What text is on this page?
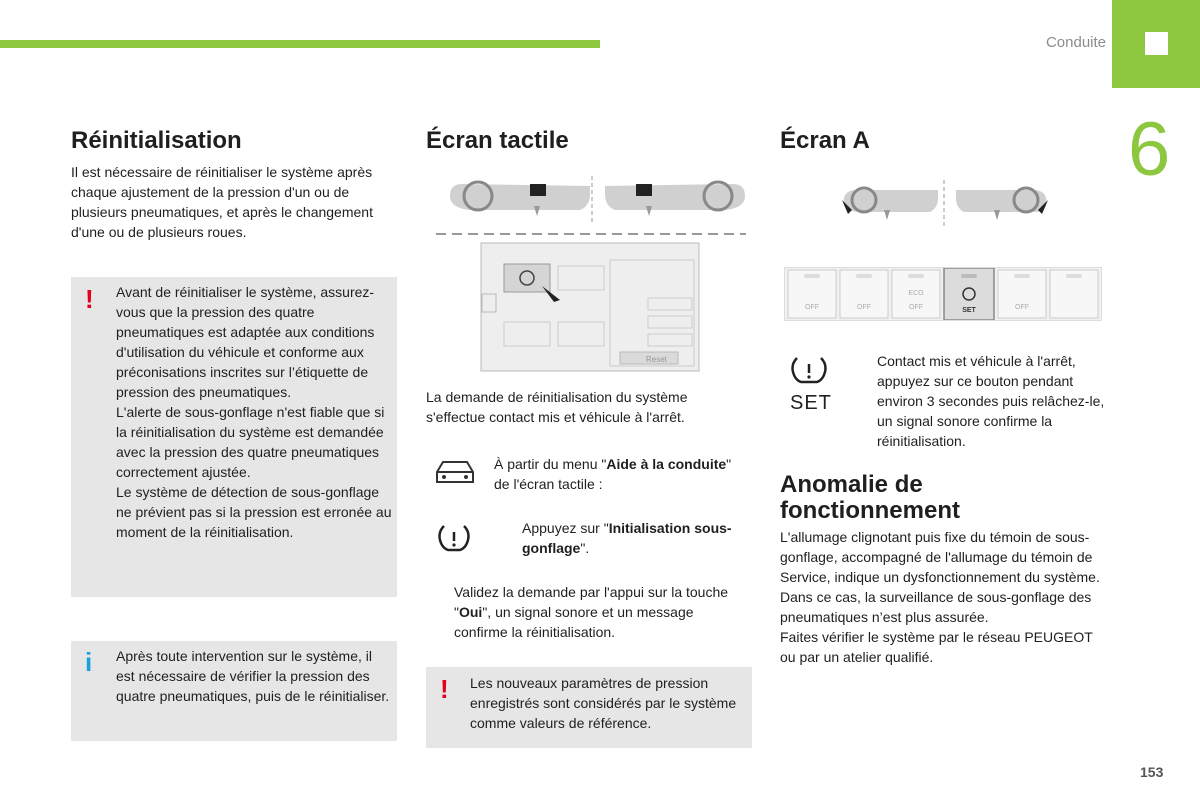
Conduite
6
Réinitialisation

Il est nécessaire de réinitialiser le système après chaque ajustement de la pression d'un ou de plusieurs pneumatiques, et après le changement d'une ou de plusieurs roues.

! Avant de réinitialiser le système, assurez-vous que la pression des quatre pneumatiques est adaptée aux conditions d'utilisation du véhicule et conforme aux préconisations inscrites sur l’étiquette de pression des pneumatiques.
L'alerte de sous-gonflage n'est fiable que si la réinitialisation du système est demandée avec la pression des quatre pneumatiques correctement ajustée.
Le système de détection de sous-gonflage ne prévient pas si la pression est erronée au moment de la réinitialisation.
i Après toute intervention sur le système, il est nécessaire de vérifier la pression des quatre pneumatiques, puis de le réinitialiser.
Écran tactile
Reset

La demande de réinitialisation du système s'effectue contact mis et véhicule à l'arrêt.

À partir du menu "Aide à la conduite" de l'écran tactile :

Appuyez sur "Initialisation sous-gonflage".

Validez la demande par l'appui sur la touche "Oui", un signal sonore et un message confirme la réinitialisation.

! Les nouveaux paramètres de pression enregistrés sont considérés par le système comme valeurs de référence.
Écran A
OFF	OFF
ECO
OFF	SET	OFF
SET

Contact mis et véhicule à l'arrêt, appuyez sur ce bouton pendant environ 3 secondes puis relâchez-le, un signal sonore confirme la réinitialisation.

Anomalie de fonctionnement

L'allumage clignotant puis fixe du témoin de sous-gonflage, accompagné de l'allumage du témoin de Service, indique un dysfonctionnement du système.
Dans ce cas, la surveillance de sous-gonflage des pneumatiques n’est plus assurée.
Faites vérifier le système par le réseau PEUGEOT ou par un atelier qualifié.

153
